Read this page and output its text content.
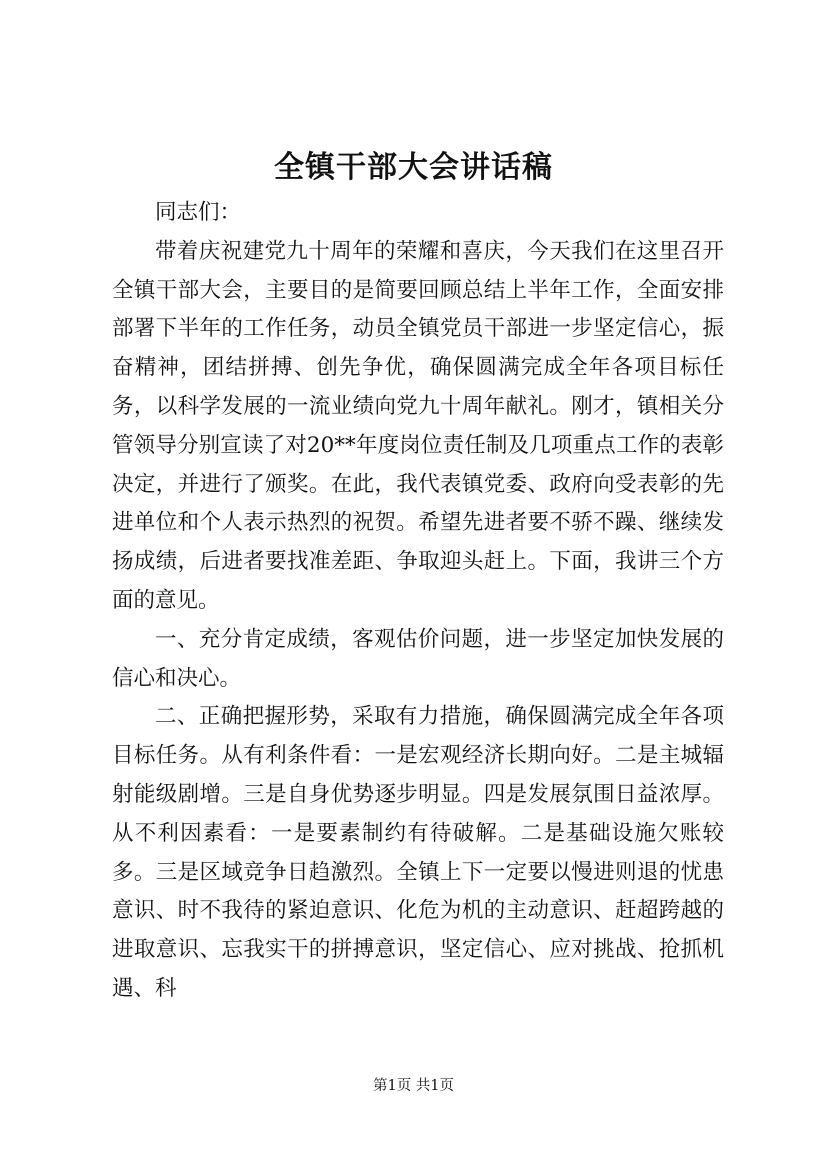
全镇干部大会讲话稿

同志们：

带着庆祝建党九十周年的荣耀和喜庆，今天我们在这里召开全镇干部大会，主要目的是简要回顾总结上半年工作，全面安排部署下半年的工作任务，动员全镇党员干部进一步坚定信心，振奋精神，团结拼搏、创先争优，确保圆满完成全年各项目标任务，以科学发展的一流业绩向党九十周年献礼。刚才，镇相关分管领导分别宣读了对20**年度岗位责任制及几项重点工作的表彰决定，并进行了颁奖。在此，我代表镇党委、政府向受表彰的先进单位和个人表示热烈的祝贺。希望先进者要不骄不躁、继续发扬成绩，后进者要找准差距、争取迎头赶上。下面，我讲三个方面的意见。

一、充分肯定成绩，客观估价问题，进一步坚定加快发展的信心和决心。

二、正确把握形势，采取有力措施，确保圆满完成全年各项目标任务。从有利条件看：一是宏观经济长期向好。二是主城辐射能级剧增。三是自身优势逐步明显。四是发展氛围日益浓厚。从不利因素看：一是要素制约有待破解。二是基础设施欠账较多。三是区域竞争日趋激烈。全镇上下一定要以慢进则退的忧患意识、时不我待的紧迫意识、化危为机的主动意识、赶超跨越的进取意识、忘我实干的拼搏意识，坚定信心、应对挑战、抢抓机遇、科

第1页 共1页
